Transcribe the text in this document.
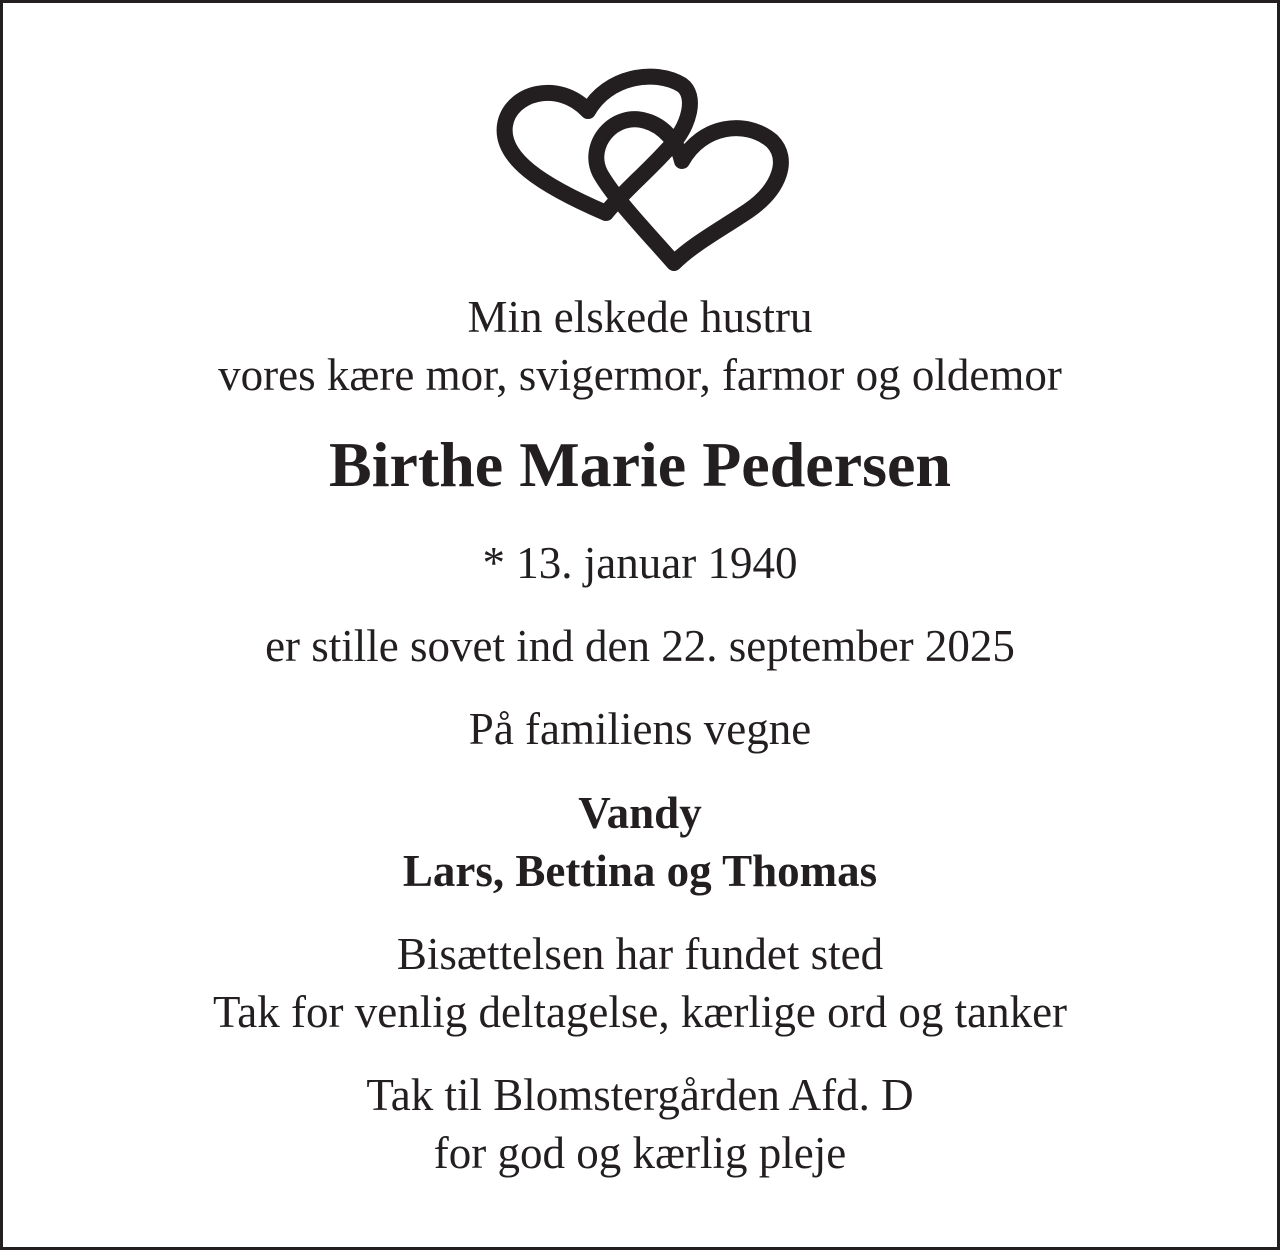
Min elskede hustru
vores kære mor, svigermor, farmor og oldemor
Birthe Marie Pedersen
* 13. januar 1940
er stille sovet ind den 22. september 2025
På familiens vegne
Vandy
Lars, Bettina og Thomas
Bisættelsen har fundet sted
Tak for venlig deltagelse, kærlige ord og tanker
Tak til Blomstergården Afd. D
for god og kærlig pleje
